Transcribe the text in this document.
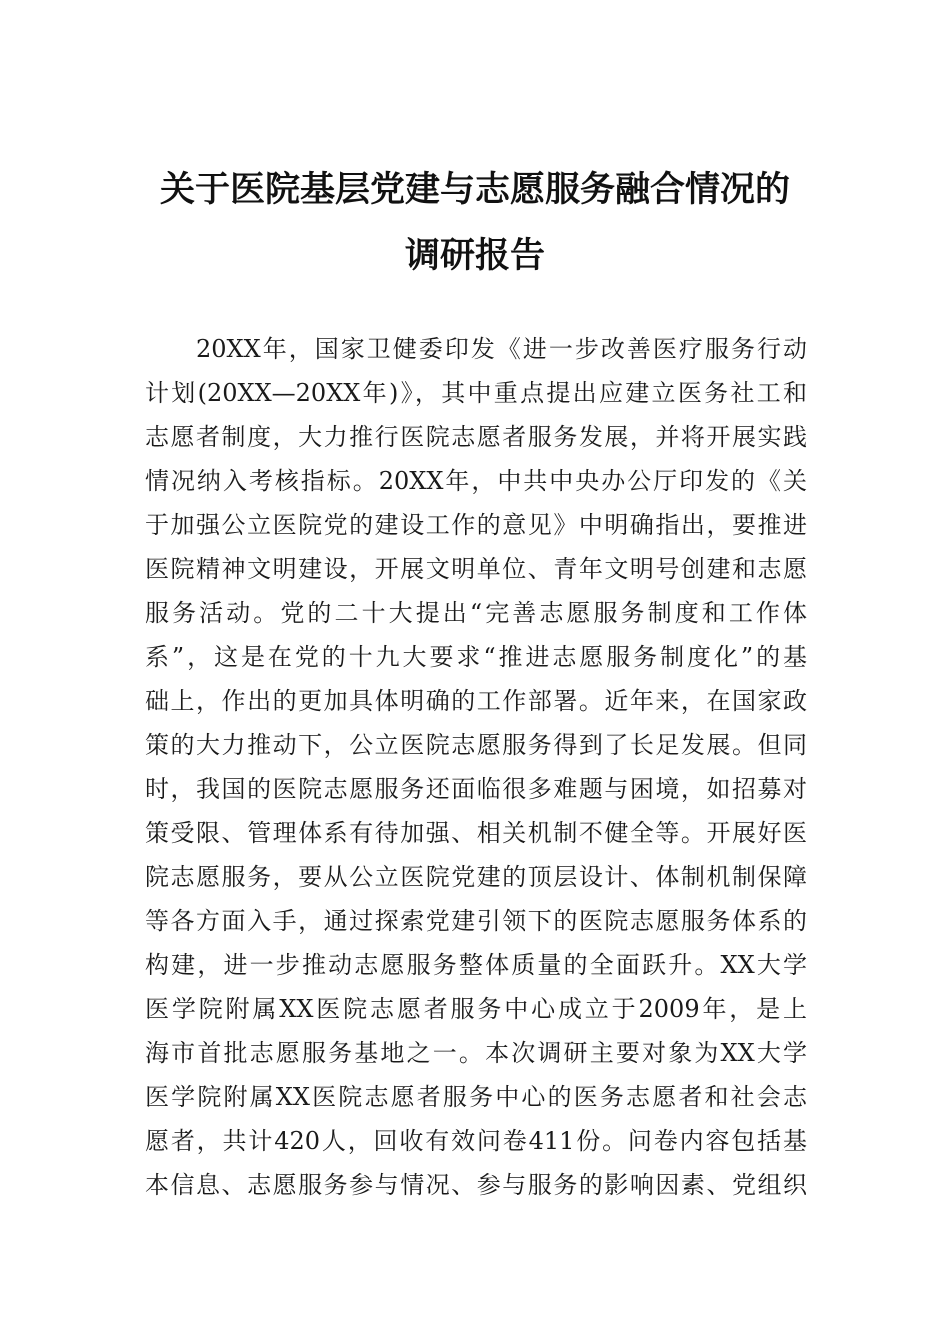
关于医院基层党建与志愿服务融合情况的
调研报告
20XX年，国家卫健委印发《进一步改善医疗服务行动
计划(20XX—20XX年)》，其中重点提出应建立医务社工和
志愿者制度，大力推行医院志愿者服务发展，并将开展实践
情况纳入考核指标。20XX年，中共中央办公厅印发的《关
于加强公立医院党的建设工作的意见》中明确指出，要推进
医院精神文明建设，开展文明单位、青年文明号创建和志愿
服务活动。党的二十大提出“完善志愿服务制度和工作体
系”，这是在党的十九大要求“推进志愿服务制度化”的基
础上，作出的更加具体明确的工作部署。近年来，在国家政
策的大力推动下，公立医院志愿服务得到了长足发展。但同
时，我国的医院志愿服务还面临很多难题与困境，如招募对
策受限、管理体系有待加强、相关机制不健全等。开展好医
院志愿服务，要从公立医院党建的顶层设计、体制机制保障
等各方面入手，通过探索党建引领下的医院志愿服务体系的
构建，进一步推动志愿服务整体质量的全面跃升。XX大学
医学院附属XX医院志愿者服务中心成立于2009年，是上
海市首批志愿服务基地之一。本次调研主要对象为XX大学
医学院附属XX医院志愿者服务中心的医务志愿者和社会志
愿者，共计420人，回收有效问卷411份。问卷内容包括基
本信息、志愿服务参与情况、参与服务的影响因素、党组织
